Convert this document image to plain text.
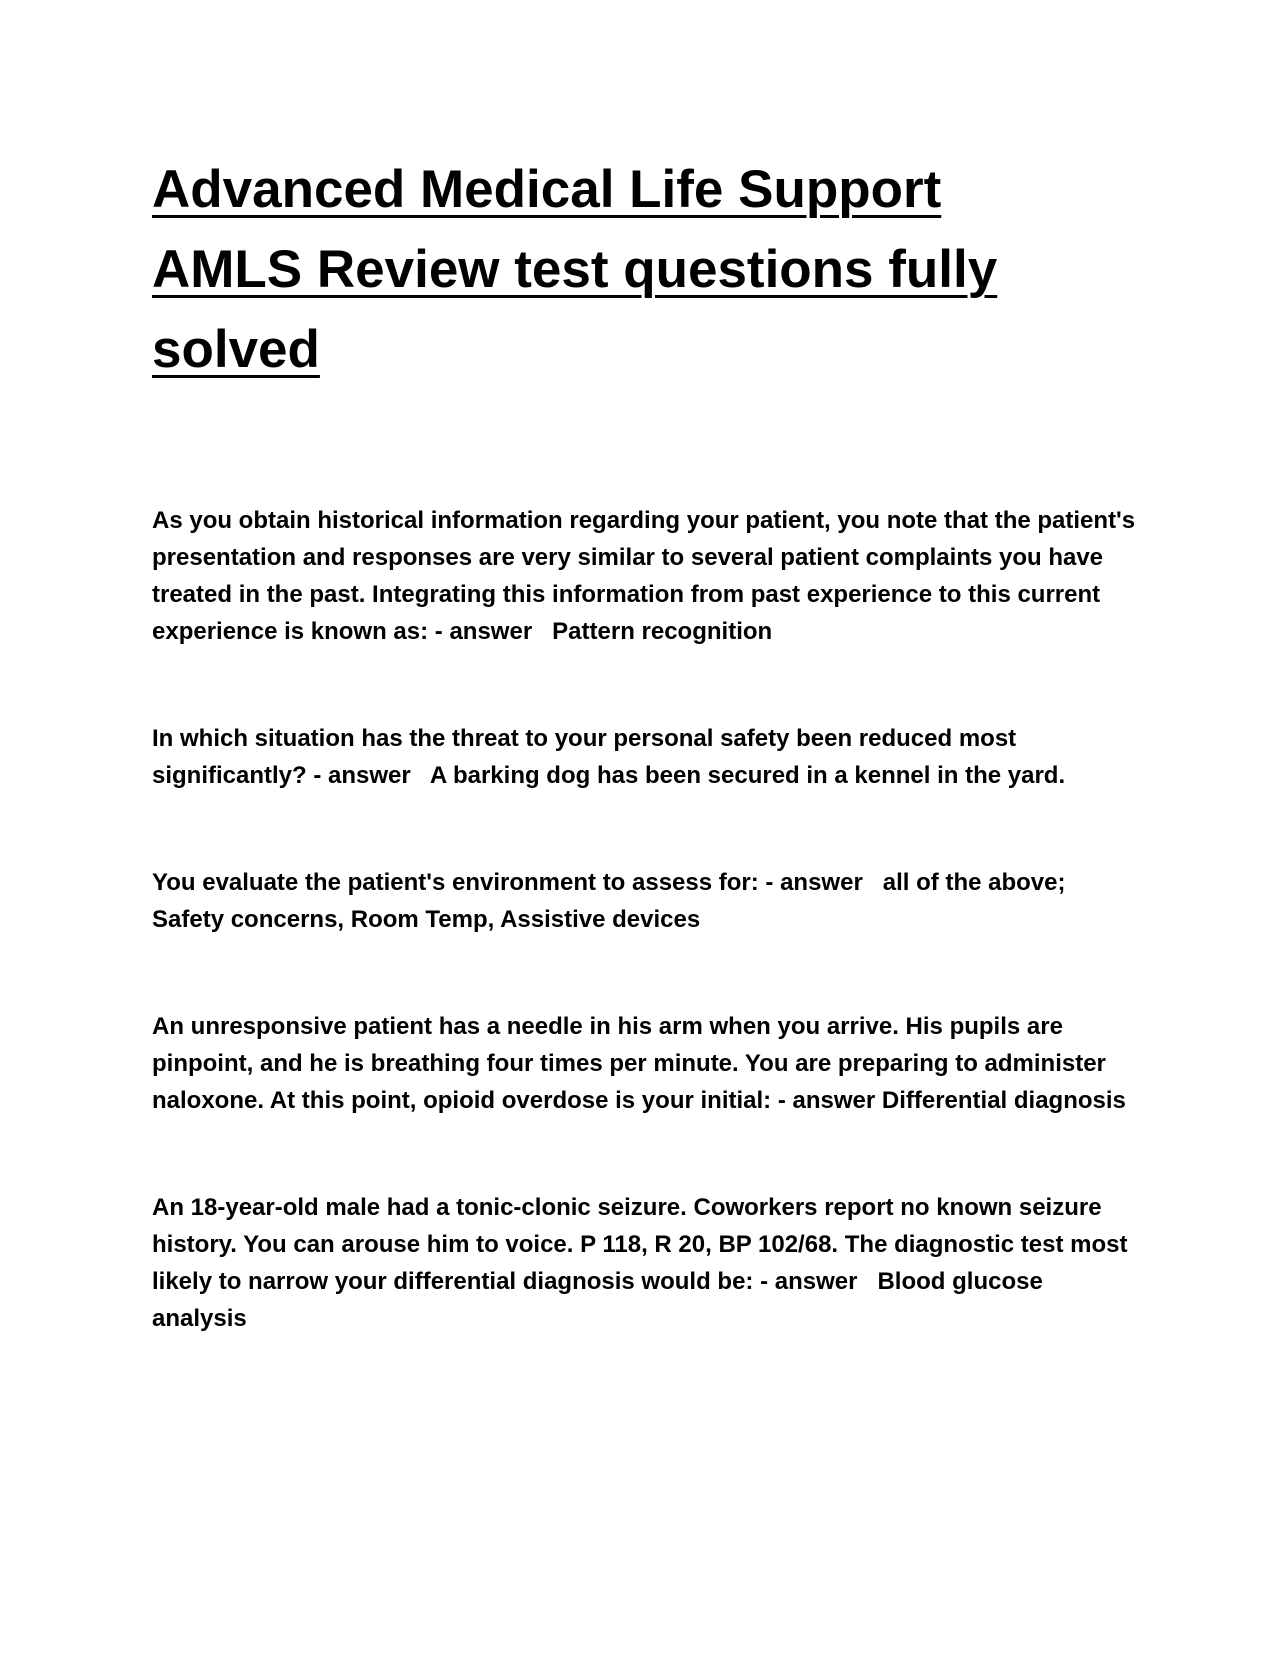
Advanced Medical Life Support AMLS Review test questions fully solved

As you obtain historical information regarding your patient, you note that the patient's presentation and responses are very similar to several patient complaints you have treated in the past. Integrating this information from past experience to this current experience is known as: - answer   Pattern recognition

In which situation has the threat to your personal safety been reduced most significantly? - answer   A barking dog has been secured in a kennel in the yard.

You evaluate the patient's environment to assess for: - answer   all of the above; Safety concerns, Room Temp, Assistive devices

An unresponsive patient has a needle in his arm when you arrive. His pupils are pinpoint, and he is breathing four times per minute. You are preparing to administer naloxone. At this point, opioid overdose is your initial: - answer Differential diagnosis

An 18-year-old male had a tonic-clonic seizure. Coworkers report no known seizure history. You can arouse him to voice. P 118, R 20, BP 102/68. The diagnostic test most likely to narrow your differential diagnosis would be: - answer   Blood glucose analysis
